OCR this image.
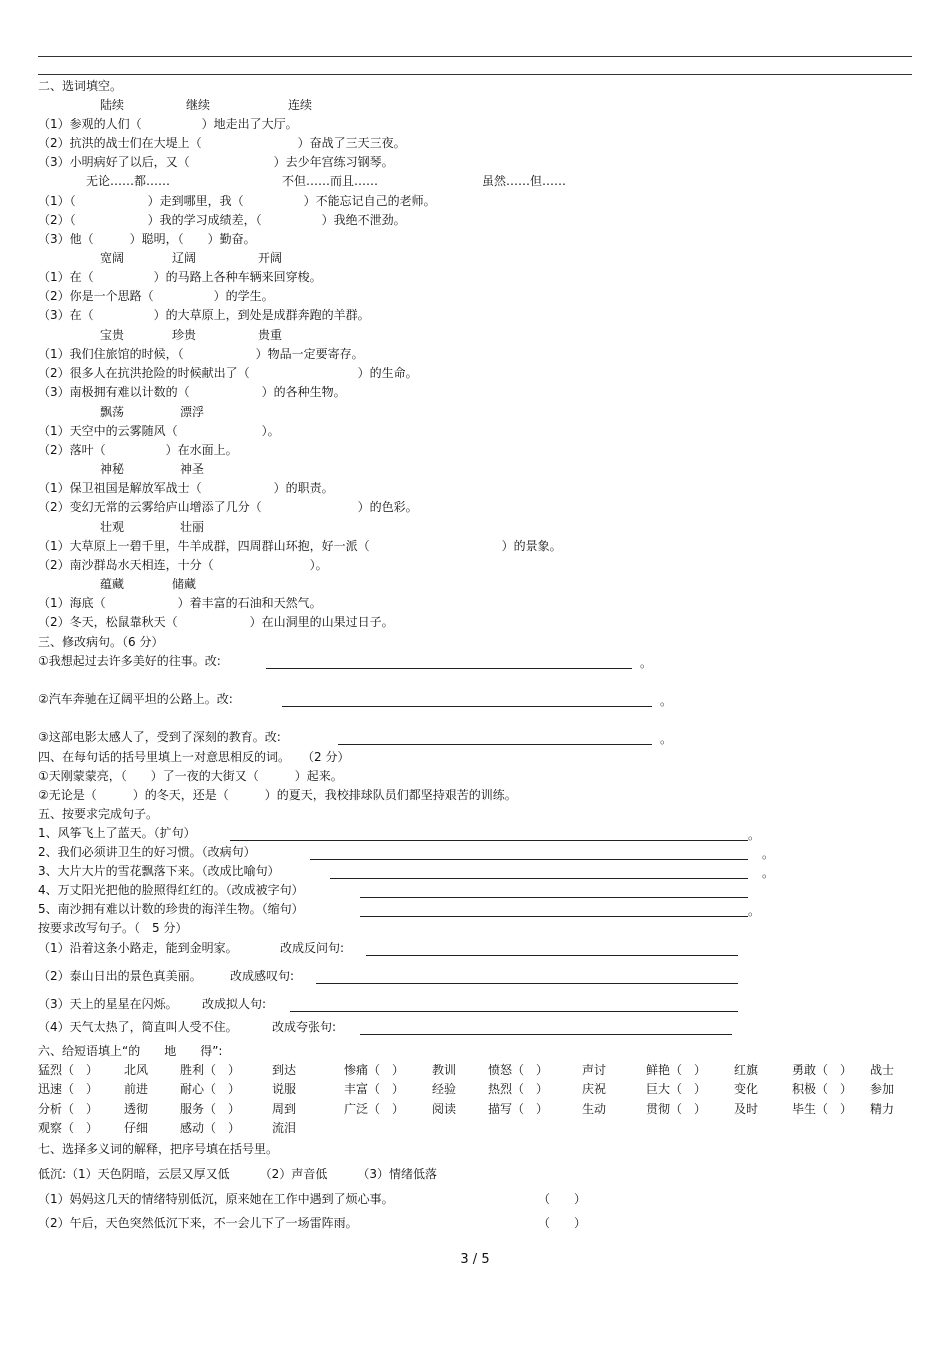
二、选词填空。
陆续	继续	连续
（1）参观的人们（　　　　　）地走出了大厅。
（2）抗洪的战士们在大堤上（　　　　　　　　）奋战了三天三夜。
（3）小明病好了以后，又（　　　　　　　）去少年宫练习钢琴。
无论……都……	不但……而且……	虽然……但……
（1）（　　　　　　）走到哪里，我（　　　　　）不能忘记自己的老师。
（2）（　　　　　　）我的学习成绩差，（　　　　　）我绝不泄劲。
（3）他（　　　）聪明，（　　）勤奋。
宽阔	辽阔	开阔
（1）在（　　　　　）的马路上各种车辆来回穿梭。
（2）你是一个思路（　　　　　）的学生。
（3）在（　　　　　）的大草原上，到处是成群奔跑的羊群。
宝贵	珍贵	贵重
（1）我们住旅馆的时候，（　　　　　　）物品一定要寄存。
（2）很多人在抗洪抢险的时候献出了（　　　　　　　　　）的生命。
（3）南极拥有难以计数的（　　　　　　）的各种生物。
飘荡	漂浮
（1）天空中的云雾随风（　　　　　　　）。
（2）落叶（　　　　　）在水面上。
神秘	神圣
（1）保卫祖国是解放军战士（　　　　　　）的职责。
（2）变幻无常的云雾给庐山增添了几分（　　　　　　　　）的色彩。
壮观	壮丽
（1）大草原上一碧千里，牛羊成群，四周群山环抱，好一派（　　　　　　　　　　　）的景象。
（2）南沙群岛水天相连，十分（　　　　　　　　）。
蕴藏	储藏
（1）海底（　　　　　　）着丰富的石油和天然气。
（2）冬天，松鼠靠秋天（　　　　　　）在山洞里的山果过日子。
三、修改病句。（6 分）
①我想起过去许多美好的往事。改:	。
②汽车奔驰在辽阔平坦的公路上。改:	。
③这部电影太感人了，受到了深刻的教育。改:	。
四、在每句话的括号里填上一对意思相反的词。　　（2 分）
①天刚蒙蒙亮，（　　）了一夜的大街又（　　　）起来。
②无论是（　　　）的冬天，还是（　　　）的夏天，我校排球队员们都坚持艰苦的训练。
五、按要求完成句子。
1、风筝飞上了蓝天。（扩句）	。
2、我们必须讲卫生的好习惯。（改病句）	。
3、大片大片的雪花飘落下来。（改成比喻句）	。
4、万丈阳光把他的脸照得红红的。（改成被字句）
5、南沙拥有难以计数的珍贵的海洋生物。（缩句）	。
按要求改写句子。（　5 分）
（1）沿着这条小路走，能到金明家。	改成反问句:
（2）泰山日出的景色真美丽。 改成感叹句:
（3）天上的星星在闪烁。 改成拟人句:
（4）天气太热了，简直叫人受不住。	改成夸张句:
六、给短语填上“的　　地　　得”:
猛烈（　） 北风	胜利（　）	到达	惨痛（　） 教训	愤怒（　）	声讨	鲜艳（　） 红旗	勇敢（　） 战士
迅速（　） 前进	耐心（　）	说服	丰富（　） 经验	热烈（　）	庆祝	巨大（　） 变化	积极（　） 参加
分析（　） 透彻	服务（　）	周到	广泛（　） 阅读	描写（　）	生动	贯彻（　） 及时	毕生（　） 精力
观察（　） 仔细	感动（　）	流泪
七、选择多义词的解释，把序号填在括号里。
低沉:（1）天色阴暗，云层又厚又低　　　（2）声音低　　　（3）情绪低落
（1）妈妈这几天的情绪特别低沉，原来她在工作中遇到了烦心事。	（　　）
（2）午后，天色突然低沉下来，不一会儿下了一场雷阵雨。	（　　）
3 / 5
